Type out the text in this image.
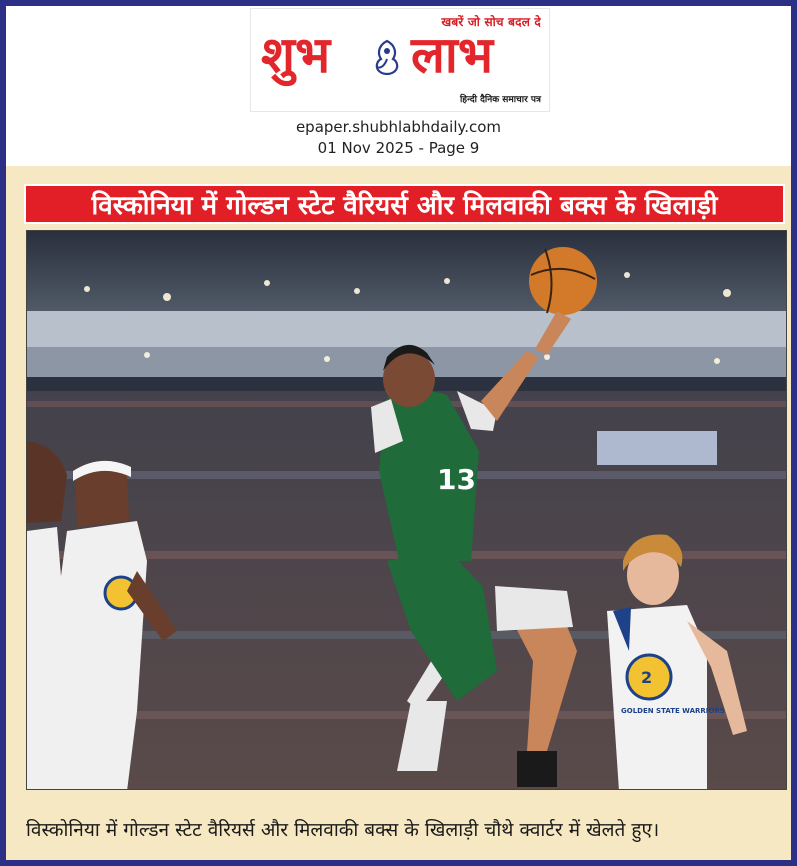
खबरें जो सोच बदल दे
शुभ लाभ
हिन्दी दैनिक समाचार पत्र
epaper.shubhlabhdaily.com
01 Nov 2025 - Page 9
विस्कोनिया में गोल्डन स्टेट वैरियर्स और मिलवाकी बक्स के खिलाड़ी
13
2
GOLDEN STATE WARRIORS
विस्कोनिया में गोल्डन स्टेट वैरियर्स और मिलवाकी बक्स के खिलाड़ी चौथे क्वार्टर में खेलते हुए।
